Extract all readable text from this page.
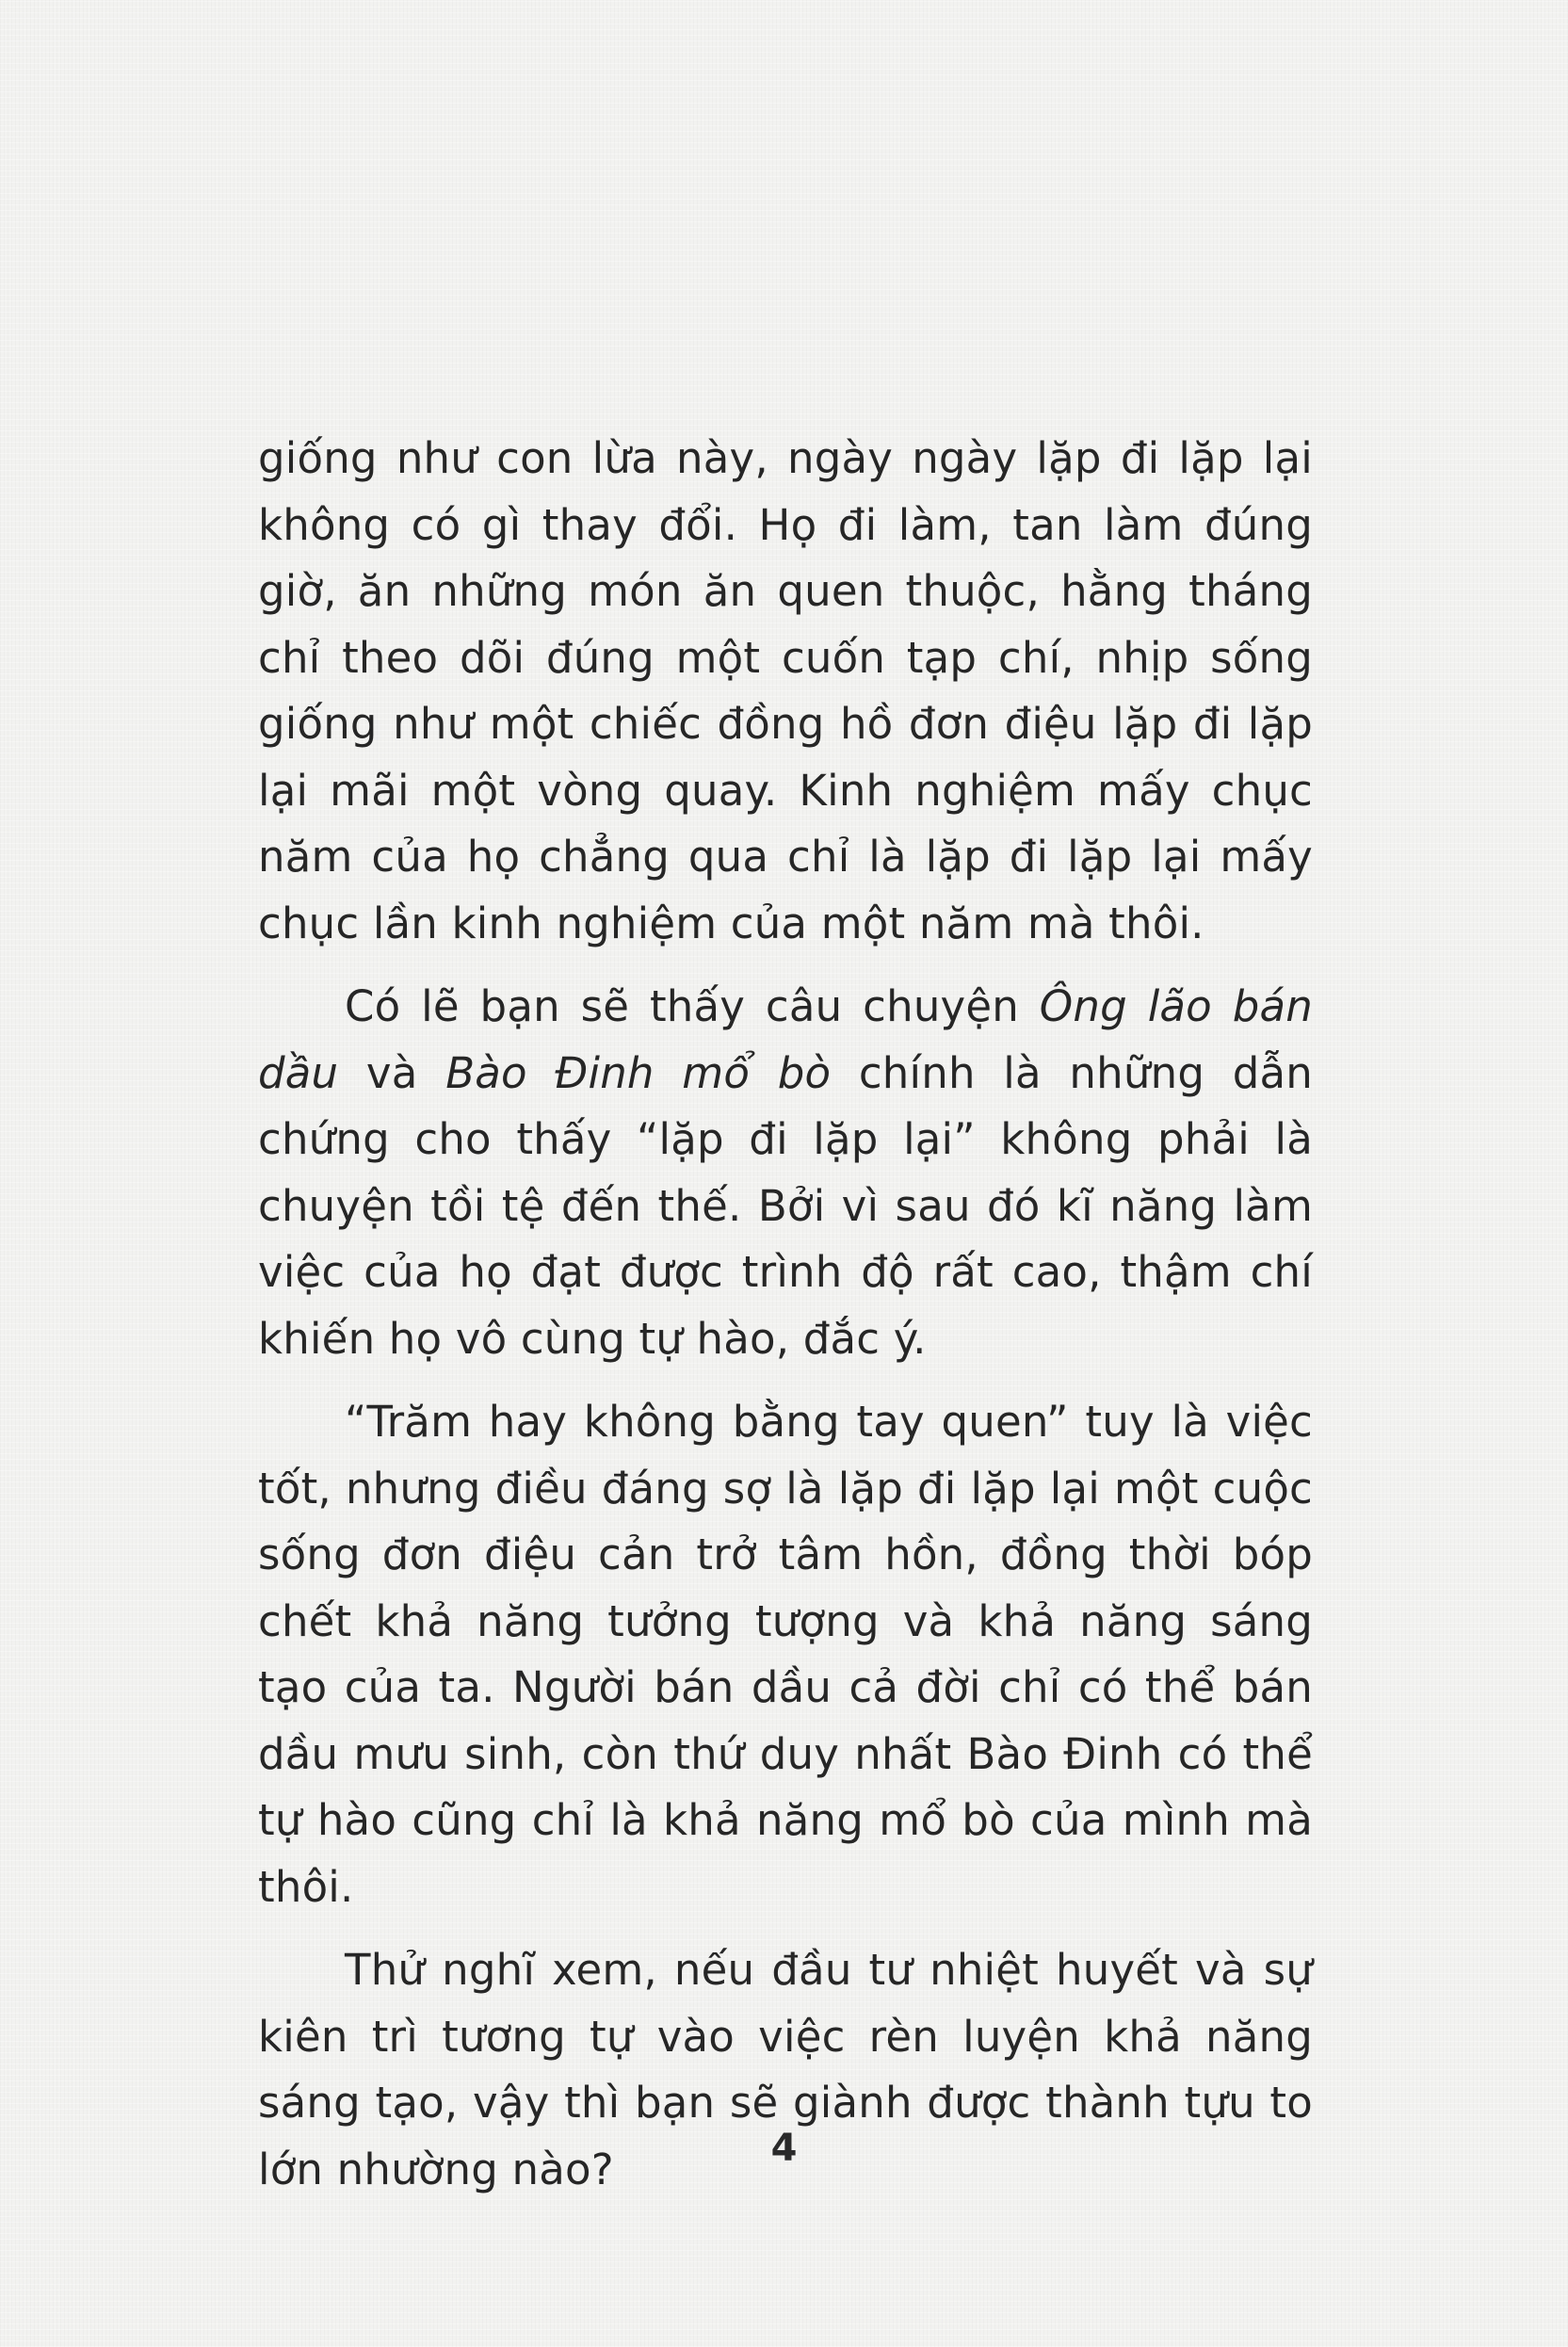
giống như con lừa này, ngày ngày lặp đi lặp lại không có gì thay đổi. Họ đi làm, tan làm đúng giờ, ăn những món ăn quen thuộc, hằng tháng chỉ theo dõi đúng một cuốn tạp chí, nhịp sống giống như một chiếc đồng hồ đơn điệu lặp đi lặp lại mãi một vòng quay. Kinh nghiệm mấy chục năm của họ chẳng qua chỉ là lặp đi lặp lại mấy chục lần kinh nghiệm của một năm mà thôi.

Có lẽ bạn sẽ thấy câu chuyện Ông lão bán dầu và Bào Đinh mổ bò chính là những dẫn chứng cho thấy “lặp đi lặp lại” không phải là chuyện tồi tệ đến thế. Bởi vì sau đó kĩ năng làm việc của họ đạt được trình độ rất cao, thậm chí khiến họ vô cùng tự hào, đắc ý.

“Trăm hay không bằng tay quen” tuy là việc tốt, nhưng điều đáng sợ là lặp đi lặp lại một cuộc sống đơn điệu cản trở tâm hồn, đồng thời bóp chết khả năng tưởng tượng và khả năng sáng tạo của ta. Người bán dầu cả đời chỉ có thể bán dầu mưu sinh, còn thứ duy nhất Bào Đinh có thể tự hào cũng chỉ là khả năng mổ bò của mình mà thôi.

Thử nghĩ xem, nếu đầu tư nhiệt huyết và sự kiên trì tương tự vào việc rèn luyện khả năng sáng tạo, vậy thì bạn sẽ giành được thành tựu to lớn nhường nào?	4
